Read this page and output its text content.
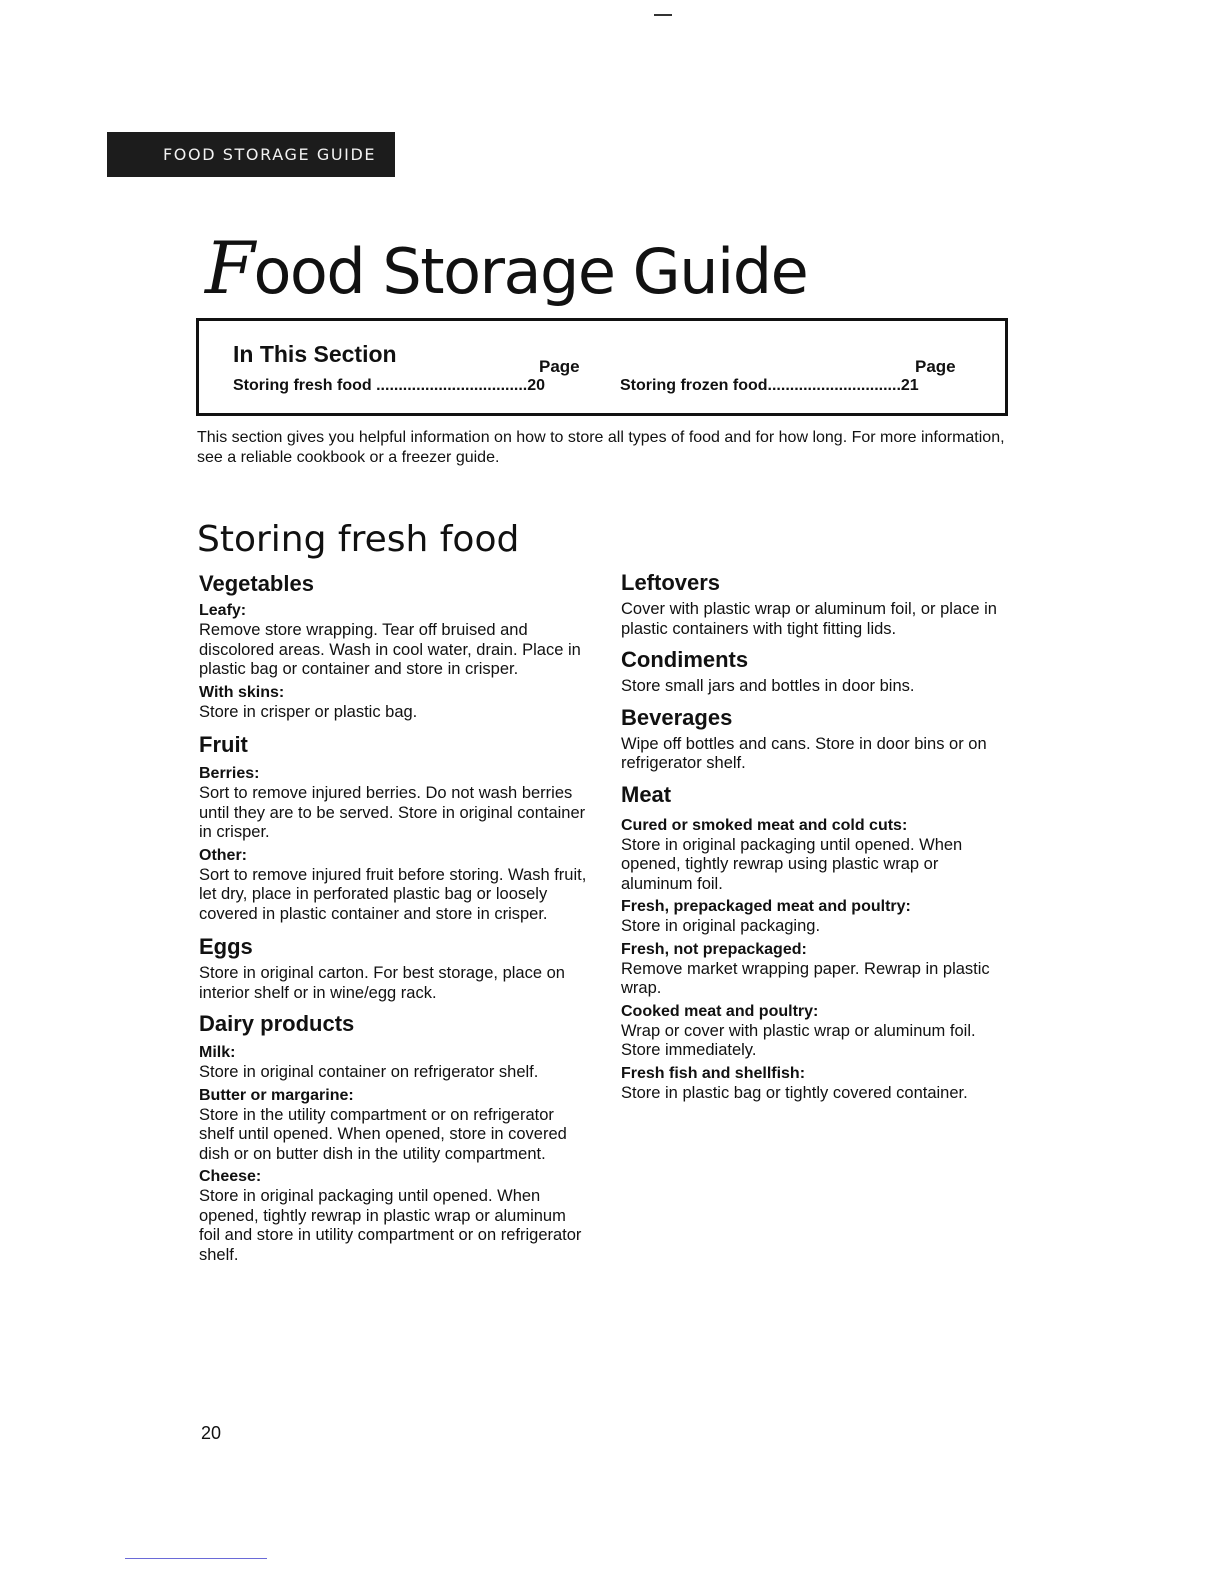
FOOD STORAGE GUIDE
Food Storage Guide
In This Section	Page	Page
Storing fresh food ..................................20	Storing frozen food..............................21

This section gives you helpful information on how to store all types of food and for how long. For more information, see a reliable cookbook or a freezer guide.

Storing fresh food
Vegetables
Leafy:

Remove store wrapping. Tear off bruised and discolored areas. Wash in cool water, drain. Place in plastic bag or container and store in crisper.

With skins:

Store in crisper or plastic bag.

Fruit
Berries:

Sort to remove injured berries. Do not wash berries until they are to be served. Store in original container in crisper.

Other:

Sort to remove injured fruit before storing. Wash fruit, let dry, place in perforated plastic bag or loosely covered in plastic container and store in crisper.

Eggs

Store in original carton. For best storage, place on interior shelf or in wine/egg rack.

Dairy products
Milk:

Store in original container on refrigerator shelf.

Butter or margarine:

Store in the utility compartment or on refrigerator shelf until opened. When opened, store in covered dish or on butter dish in the utility compartment.

Cheese:

Store in original packaging until opened. When opened, tightly rewrap in plastic wrap or aluminum foil and store in utility compartment or on refrigerator shelf.

Leftovers

Cover with plastic wrap or aluminum foil, or place in plastic containers with tight fitting lids.

Condiments

Store small jars and bottles in door bins.

Beverages

Wipe off bottles and cans. Store in door bins or on refrigerator shelf.

Meat
Cured or smoked meat and cold cuts:

Store in original packaging until opened. When opened, tightly rewrap using plastic wrap or aluminum foil.

Fresh, prepackaged meat and poultry:

Store in original packaging.

Fresh, not prepackaged:

Remove market wrapping paper. Rewrap in plastic wrap.

Cooked meat and poultry:

Wrap or cover with plastic wrap or aluminum foil. Store immediately.

Fresh fish and shellfish:

Store in plastic bag or tightly covered container.

20
